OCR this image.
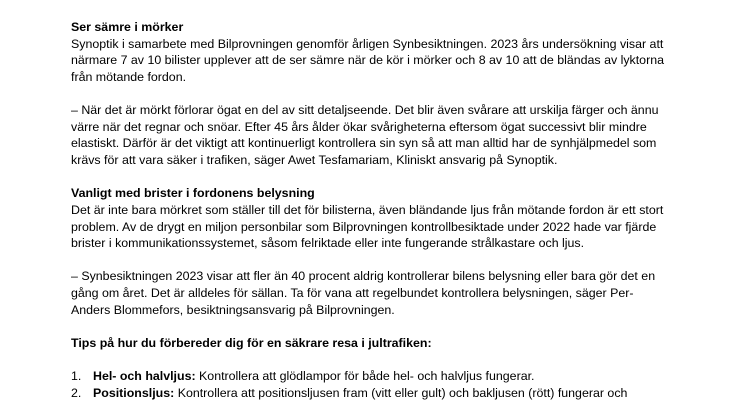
Ser sämre i mörker

Synoptik i samarbete med Bilprovningen genomför årligen Synbesiktningen. 2023 års undersökning visar att närmare 7 av 10 bilister upplever att de ser sämre när de kör i mörker och 8 av 10 att de bländas av lyktorna från mötande fordon.

– När det är mörkt förlorar ögat en del av sitt detaljseende. Det blir även svårare att urskilja färger och ännu värre när det regnar och snöar. Efter 45 års ålder ökar svårigheterna eftersom ögat successivt blir mindre elastiskt. Därför är det viktigt att kontinuerligt kontrollera sin syn så att man alltid har de synhjälpmedel som krävs för att vara säker i trafiken, säger Awet Tesfamariam, Kliniskt ansvarig på Synoptik.

Vanligt med brister i fordonens belysning

Det är inte bara mörkret som ställer till det för bilisterna, även bländande ljus från mötande fordon är ett stort problem. Av de drygt en miljon personbilar som Bilprovningen kontrollbesiktade under 2022 hade var fjärde brister i kommunikationssystemet, såsom felriktade eller inte fungerande strålkastare och ljus.

– Synbesiktningen 2023 visar att fler än 40 procent aldrig kontrollerar bilens belysning eller bara gör det en gång om året. Det är alldeles för sällan. Ta för vana att regelbundet kontrollera belysningen, säger Per-Anders Blommefors, besiktningsansvarig på Bilprovningen.

Tips på hur du förbereder dig för en säkrare resa i jultrafiken:

1. Hel- och halvljus: Kontrollera att glödlampor för både hel- och halvljus fungerar.
2. Positionsljus: Kontrollera att positionsljusen fram (vitt eller gult) och bakljusen (rött) fungerar och
